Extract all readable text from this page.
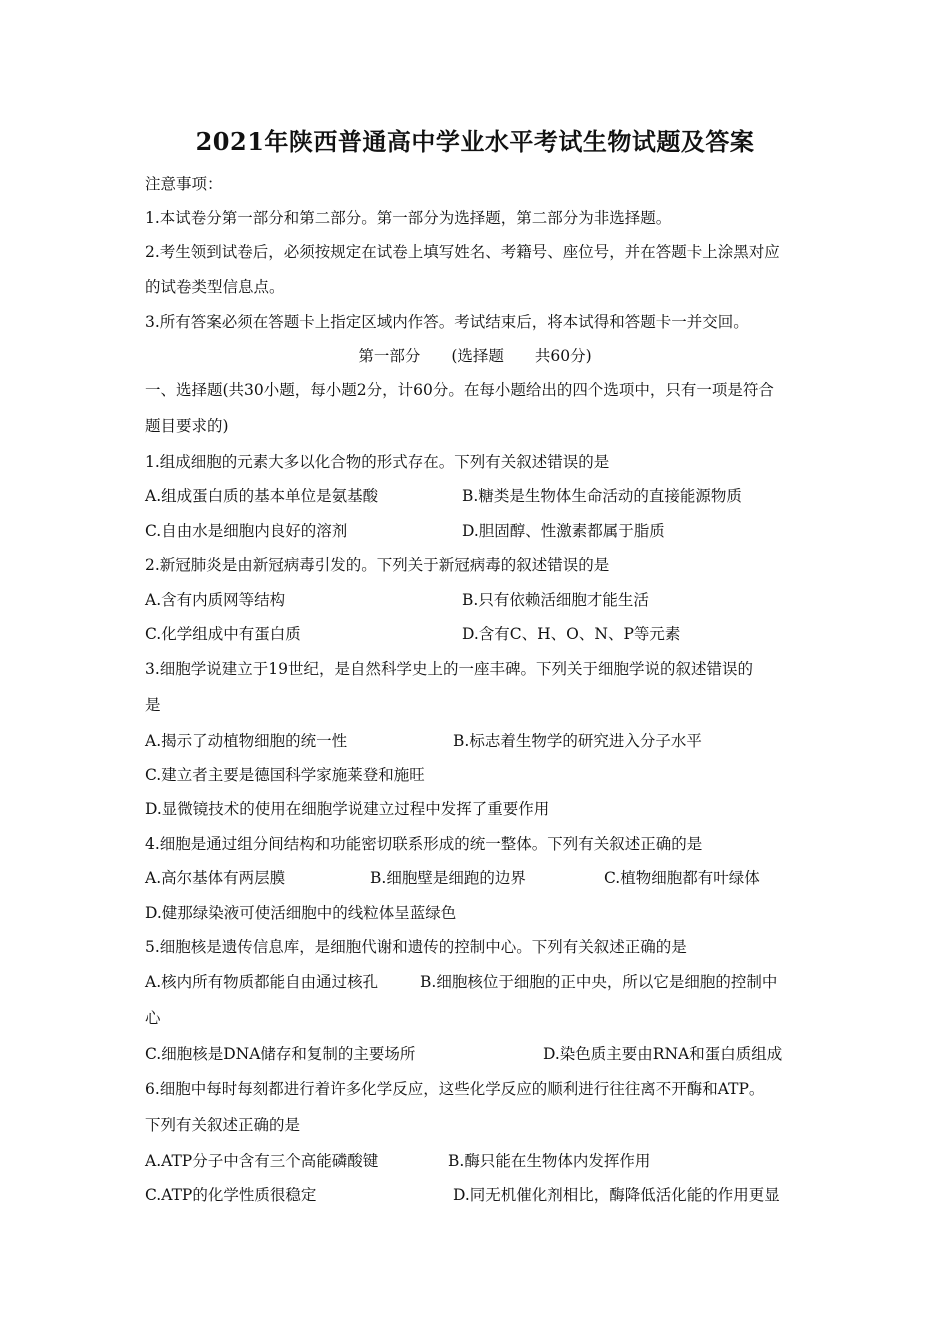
2021年陕西普通高中学业水平考试生物试题及答案
注意事项：
1.本试卷分第一部分和第二部分。第一部分为选择题，第二部分为非选择题。
2.考生领到试卷后，必须按规定在试卷上填写姓名、考籍号、座位号，并在答题卡上涂黑对应
的试卷类型信息点。
3.所有答案必须在答题卡上指定区域内作答。考试结束后，将本试得和答题卡一并交回。
第一部分　　(选择题　　共60分)
一、选择题(共30小题，每小题2分，计60分。在每小题给出的四个选项中，只有一项是符合
题目要求的)
1.组成细胞的元素大多以化合物的形式存在。下列有关叙述错误的是
A.组成蛋白质的基本单位是氨基酸	B.糖类是生物体生命活动的直接能源物质
C.自由水是细胞内良好的溶剂	D.胆固醇、性激素都属于脂质
2.新冠肺炎是由新冠病毒引发的。下列关于新冠病毒的叙述错误的是
A.含有内质网等结构	B.只有依赖活细胞才能生活
C.化学组成中有蛋白质	D.含有C、H、O、N、P等元素
3.细胞学说建立于19世纪，是自然科学史上的一座丰碑。下列关于细胞学说的叙述错误的
是
A.揭示了动植物细胞的统一性	B.标志着生物学的研究进入分子水平
C.建立者主要是德国科学家施莱登和施旺
D.显微镜技术的使用在细胞学说建立过程中发挥了重要作用
4.细胞是通过组分间结构和功能密切联系形成的统一整体。下列有关叙述正确的是
A.高尔基体有两层膜	B.细胞壁是细跑的边界	C.植物细胞都有叶绿体
D.健那绿染液可使活细胞中的线粒体呈蓝绿色
5.细胞核是遗传信息库，是细胞代谢和遗传的控制中心。下列有关叙述正确的是
A.核内所有物质都能自由通过核孔	B.细胞核位于细胞的正中央，所以它是细胞的控制中
心
C.细胞核是DNA储存和复制的主要场所	D.染色质主要由RNA和蛋白质组成
6.细胞中每时每刻都进行着许多化学反应，这些化学反应的顺利进行往往离不开酶和ATP。
下列有关叙述正确的是
A.ATP分子中含有三个高能磷酸键	B.酶只能在生物体内发挥作用
C.ATP的化学性质很稳定	D.同无机催化剂相比，酶降低活化能的作用更显
